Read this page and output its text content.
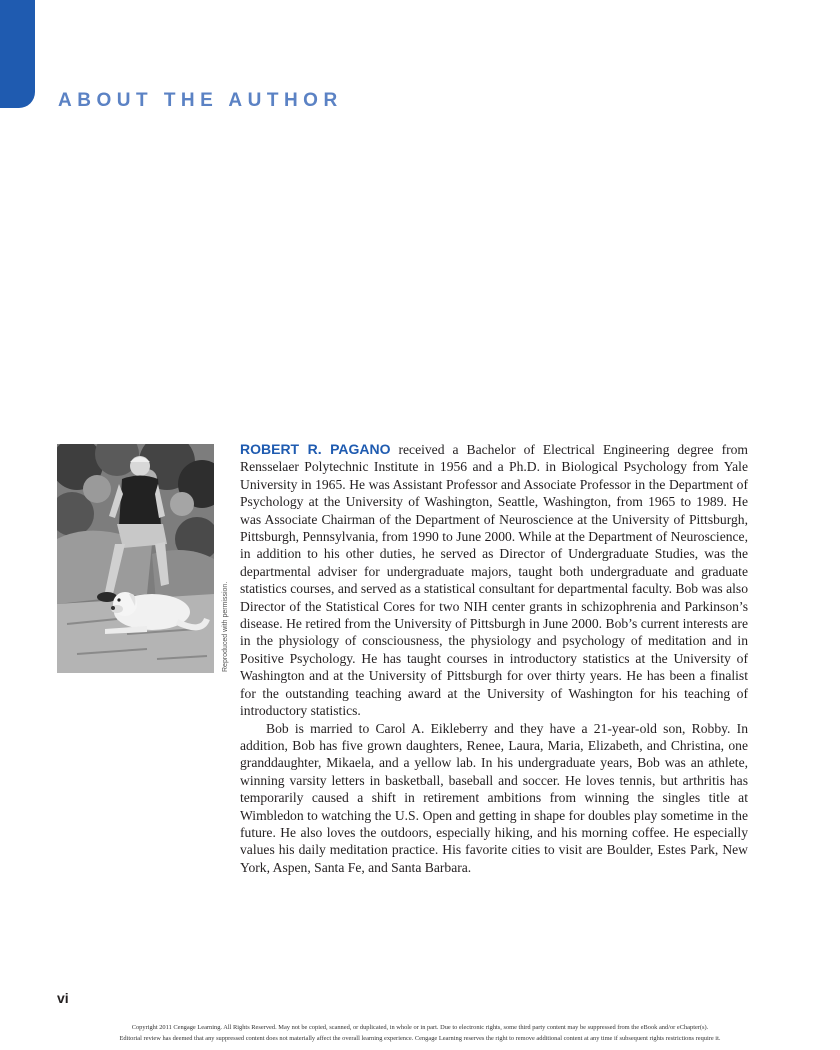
ABOUT THE AUTHOR
Reproduced with permission.

ROBERT R. PAGANO received a Bachelor of Electrical Engineering degree from Rensselaer Polytechnic Institute in 1956 and a Ph.D. in Biological Psychology from Yale University in 1965. He was Assistant Professor and Associate Professor in the Department of Psychology at the University of Washington, Seattle, Washington, from 1965 to 1989. He was Associate Chairman of the Department of Neuroscience at the University of Pittsburgh, Pittsburgh, Pennsylvania, from 1990 to June 2000. While at the Department of Neuroscience, in addition to his other duties, he served as Director of Undergraduate Studies, was the departmental adviser for undergraduate majors, taught both undergraduate and graduate statistics courses, and served as a statistical consultant for departmental faculty. Bob was also Director of the Statistical Cores for two NIH center grants in schizophrenia and Parkinson’s disease. He retired from the University of Pittsburgh in June 2000. Bob’s current interests are in the physiology of consciousness, the physiology and psychology of meditation and in Positive Psychology. He has taught courses in introductory statistics at the University of Washington and at the University of Pittsburgh for over thirty years. He has been a finalist for the outstanding teaching award at the University of Washington for his teaching of introductory statistics.

Bob is married to Carol A. Eikleberry and they have a 21-year-old son, Robby. In addition, Bob has five grown daughters, Renee, Laura, Maria, Elizabeth, and Christina, one granddaughter, Mikaela, and a yellow lab. In his undergraduate years, Bob was an athlete, winning varsity letters in basketball, baseball and soccer. He loves tennis, but arthritis has temporarily caused a shift in retirement ambitions from winning the singles title at Wimbledon to watching the U.S. Open and getting in shape for doubles play sometime in the future. He also loves the outdoors, especially hiking, and his morning coffee. He especially values his daily meditation practice. His favorite cities to visit are Boulder, Estes Park, New York, Aspen, Santa Fe, and Santa Barbara.

vi
Copyright 2011 Cengage Learning. All Rights Reserved. May not be copied, scanned, or duplicated, in whole or in part. Due to electronic rights, some third party content may be suppressed from the eBook and/or eChapter(s).
Editorial review has deemed that any suppressed content does not materially affect the overall learning experience. Cengage Learning reserves the right to remove additional content at any time if subsequent rights restrictions require it.
